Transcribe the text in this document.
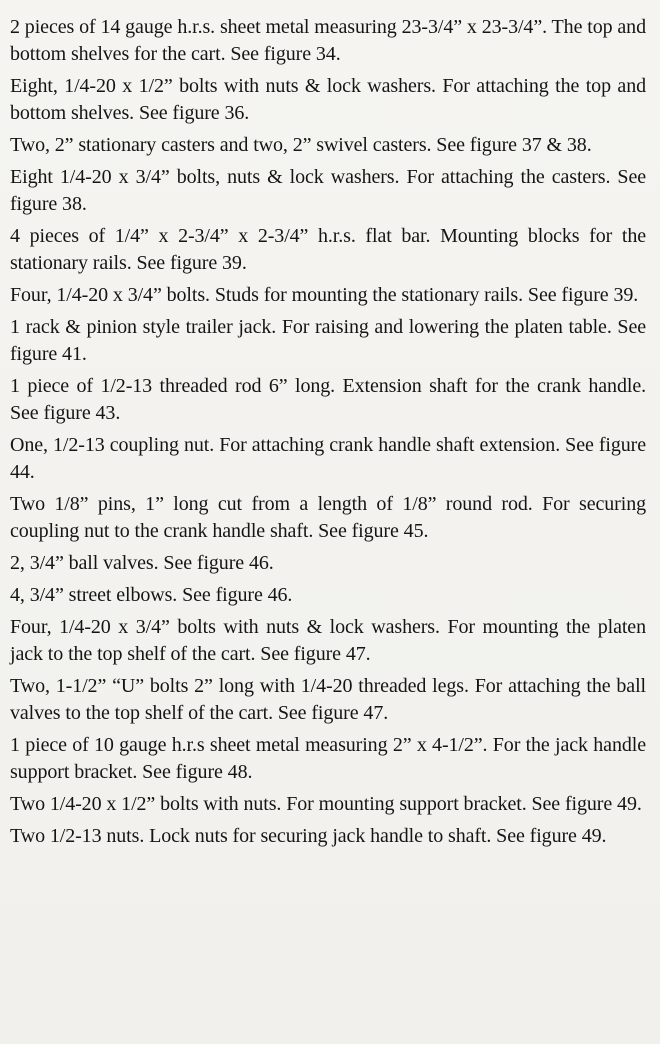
2 pieces of 14 gauge h.r.s. sheet metal measuring 23-3/4” x 23-3/4”. The top and bottom shelves for the cart. See figure 34.

Eight, 1/4-20 x 1/2” bolts with nuts & lock washers. For attaching the top and bottom shelves. See figure 36.

Two, 2” stationary casters and two, 2” swivel casters. See figure 37 & 38.

Eight 1/4-20 x 3/4” bolts, nuts & lock washers. For attaching the casters. See figure 38.

4 pieces of 1/4” x 2-3/4” x 2-3/4” h.r.s. flat bar. Mounting blocks for the stationary rails. See figure 39.

Four, 1/4-20 x 3/4” bolts. Studs for mounting the stationary rails. See figure 39.

1 rack & pinion style trailer jack. For raising and lowering the platen table. See figure 41.

1 piece of 1/2-13 threaded rod 6” long. Extension shaft for the crank handle. See figure 43.

One, 1/2-13 coupling nut. For attaching crank handle shaft extension. See figure 44.

Two 1/8” pins, 1” long cut from a length of 1/8” round rod. For securing coupling nut to the crank handle shaft. See figure 45.

2, 3/4” ball valves. See figure 46.

4, 3/4” street elbows. See figure 46.

Four, 1/4-20 x 3/4” bolts with nuts & lock washers. For mounting the platen jack to the top shelf of the cart. See figure 47.

Two, 1-1/2” “U” bolts 2” long with 1/4-20 threaded legs. For attaching the ball valves to the top shelf of the cart. See figure 47.

1 piece of 10 gauge h.r.s sheet metal measuring 2” x 4-1/2”. For the jack handle support bracket. See figure 48.

Two 1/4-20 x 1/2” bolts with nuts. For mounting support bracket. See figure 49.

Two 1/2-13 nuts. Lock nuts for securing jack handle to shaft. See figure 49.
